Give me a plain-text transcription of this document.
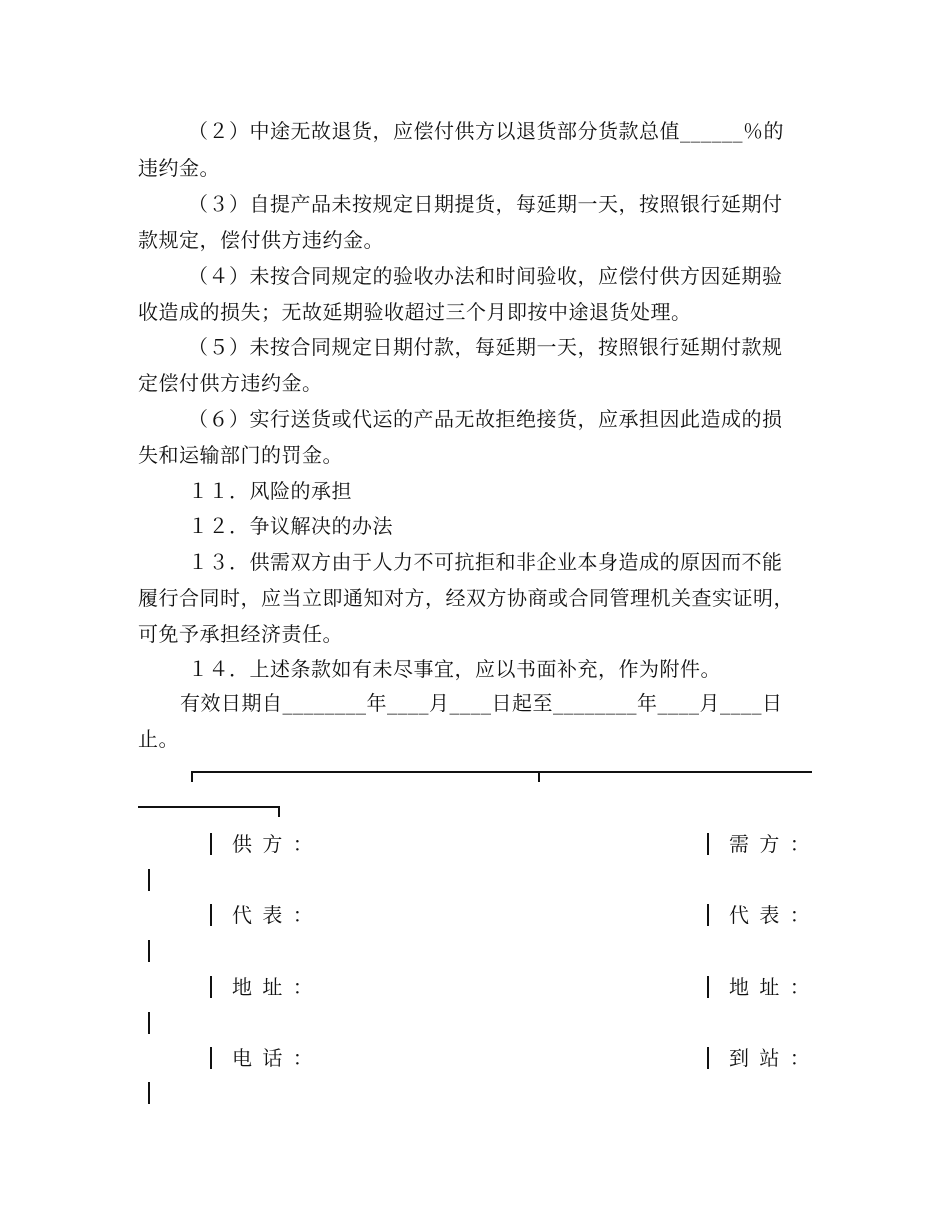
（２）中途无故退货，应偿付供方以退货部分货款总值______％的
违约金。
（３）自提产品未按规定日期提货，每延期一天，按照银行延期付
款规定，偿付供方违约金。
（４）未按合同规定的验收办法和时间验收，应偿付供方因延期验
收造成的损失；无故延期验收超过三个月即按中途退货处理。
（５）未按合同规定日期付款，每延期一天，按照银行延期付款规
定偿付供方违约金。
（６）实行送货或代运的产品无故拒绝接货，应承担因此造成的损
失和运输部门的罚金。
１１．风险的承担
１２．争议解决的办法
１３．供需双方由于人力不可抗拒和非企业本身造成的原因而不能
履行合同时，应当立即通知对方，经双方协商或合同管理机关查实证明，
可免予承担经济责任。
１４．上述条款如有未尽事宜，应以书面补充，作为附件。
有效日期自________年____月____日起至________年____月____日
止。
供 方 ：	需 方 ：
代 表 ：	代 表 ：
地 址 ：	地 址 ：
电 话 ：	到 站 ：
